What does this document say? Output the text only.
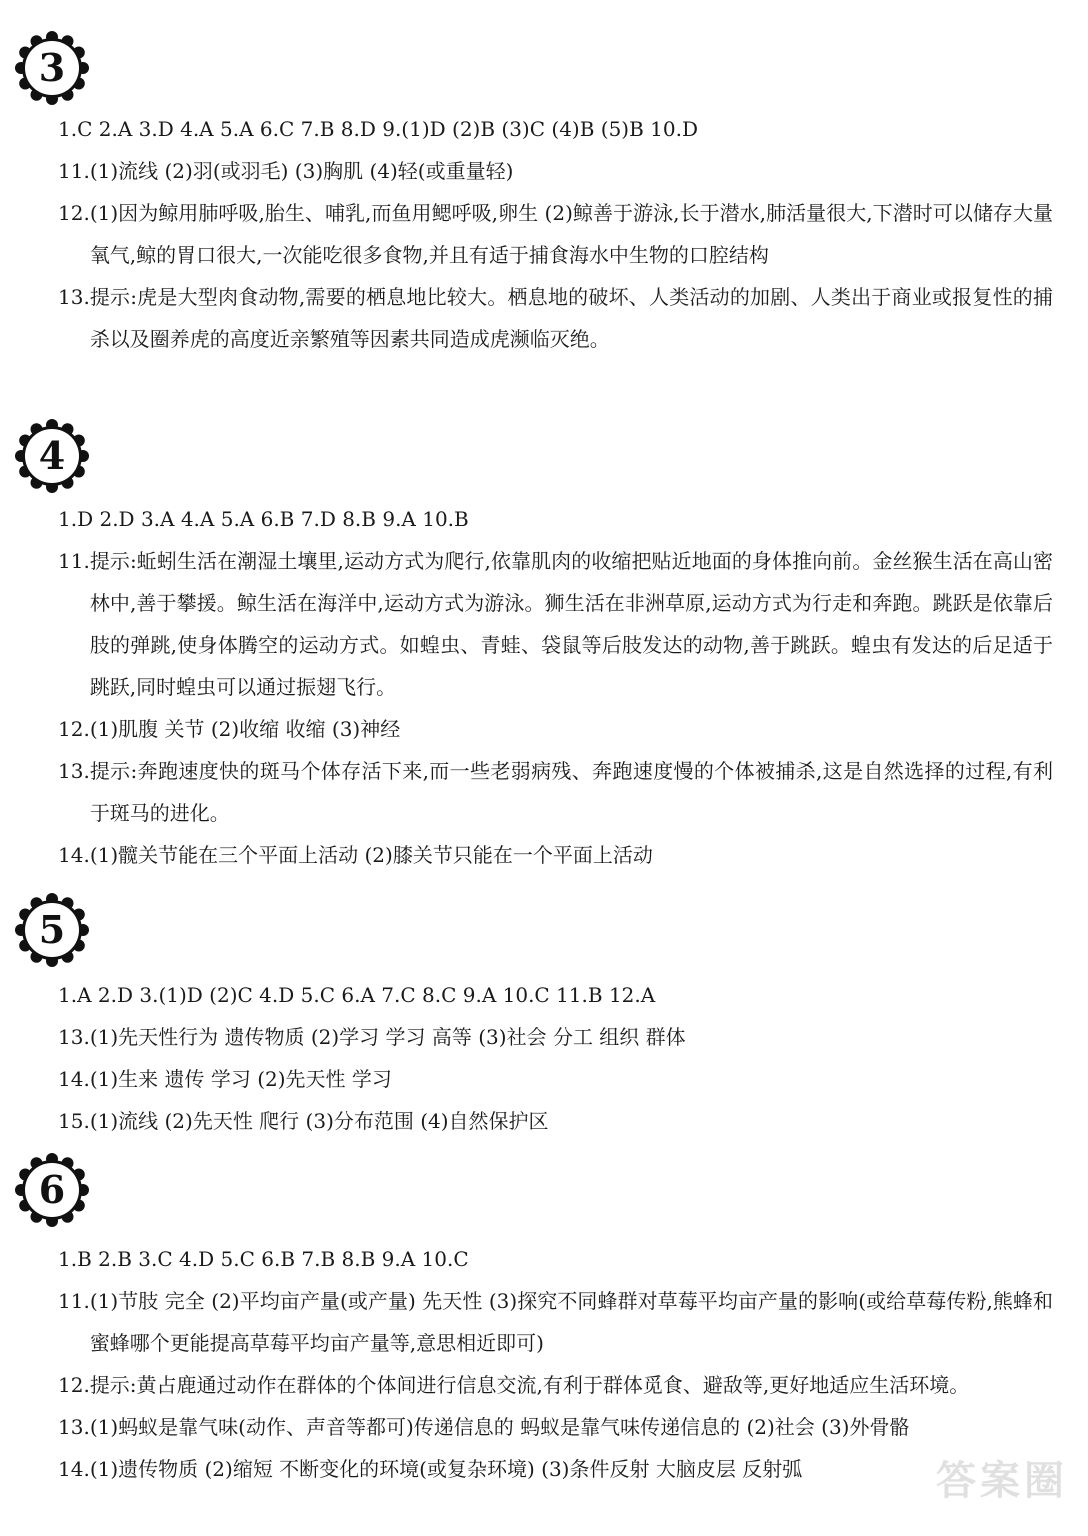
3
1.C 2.A 3.D 4.A 5.A 6.C 7.B 8.D 9.(1)D (2)B (3)C (4)B (5)B 10.D
11. (1)流线 (2)羽(或羽毛) (3)胸肌 (4)轻(或重量轻)
12. (1)因为鲸用肺呼吸,胎生、哺乳,而鱼用鳃呼吸,卵生 (2)鲸善于游泳,长于潜水,肺活量很大,下潜时可以储存大量氧气,鲸的胃口很大,一次能吃很多食物,并且有适于捕食海水中生物的口腔结构
13. 提示:虎是大型肉食动物,需要的栖息地比较大。栖息地的破坏、人类活动的加剧、人类出于商业或报复性的捕杀以及圈养虎的高度近亲繁殖等因素共同造成虎濒临灭绝。
4
1.D 2.D 3.A 4.A 5.A 6.B 7.D 8.B 9.A 10.B
11. 提示:蚯蚓生活在潮湿土壤里,运动方式为爬行,依靠肌肉的收缩把贴近地面的身体推向前。金丝猴生活在高山密林中,善于攀援。鲸生活在海洋中,运动方式为游泳。狮生活在非洲草原,运动方式为行走和奔跑。跳跃是依靠后肢的弹跳,使身体腾空的运动方式。如蝗虫、青蛙、袋鼠等后肢发达的动物,善于跳跃。蝗虫有发达的后足适于跳跃,同时蝗虫可以通过振翅飞行。
12. (1)肌腹 关节 (2)收缩 收缩 (3)神经
13. 提示:奔跑速度快的斑马个体存活下来,而一些老弱病残、奔跑速度慢的个体被捕杀,这是自然选择的过程,有利于斑马的进化。
14. (1)髋关节能在三个平面上活动 (2)膝关节只能在一个平面上活动
5
1.A 2.D 3.(1)D (2)C 4.D 5.C 6.A 7.C 8.C 9.A 10.C 11.B 12.A
13. (1)先天性行为 遗传物质 (2)学习 学习 高等 (3)社会 分工 组织 群体
14. (1)生来 遗传 学习 (2)先天性 学习
15. (1)流线 (2)先天性 爬行 (3)分布范围 (4)自然保护区
6
1.B 2.B 3.C 4.D 5.C 6.B 7.B 8.B 9.A 10.C
11. (1)节肢 完全 (2)平均亩产量(或产量) 先天性 (3)探究不同蜂群对草莓平均亩产量的影响(或给草莓传粉,熊蜂和蜜蜂哪个更能提高草莓平均亩产量等,意思相近即可)
12. 提示:黄占鹿通过动作在群体的个体间进行信息交流,有利于群体觅食、避敌等,更好地适应生活环境。
13. (1)蚂蚁是靠气味(动作、声音等都可)传递信息的 蚂蚁是靠气味传递信息的 (2)社会 (3)外骨骼
14. (1)遗传物质 (2)缩短 不断变化的环境(或复杂环境) (3)条件反射 大脑皮层 反射弧	答案圈
